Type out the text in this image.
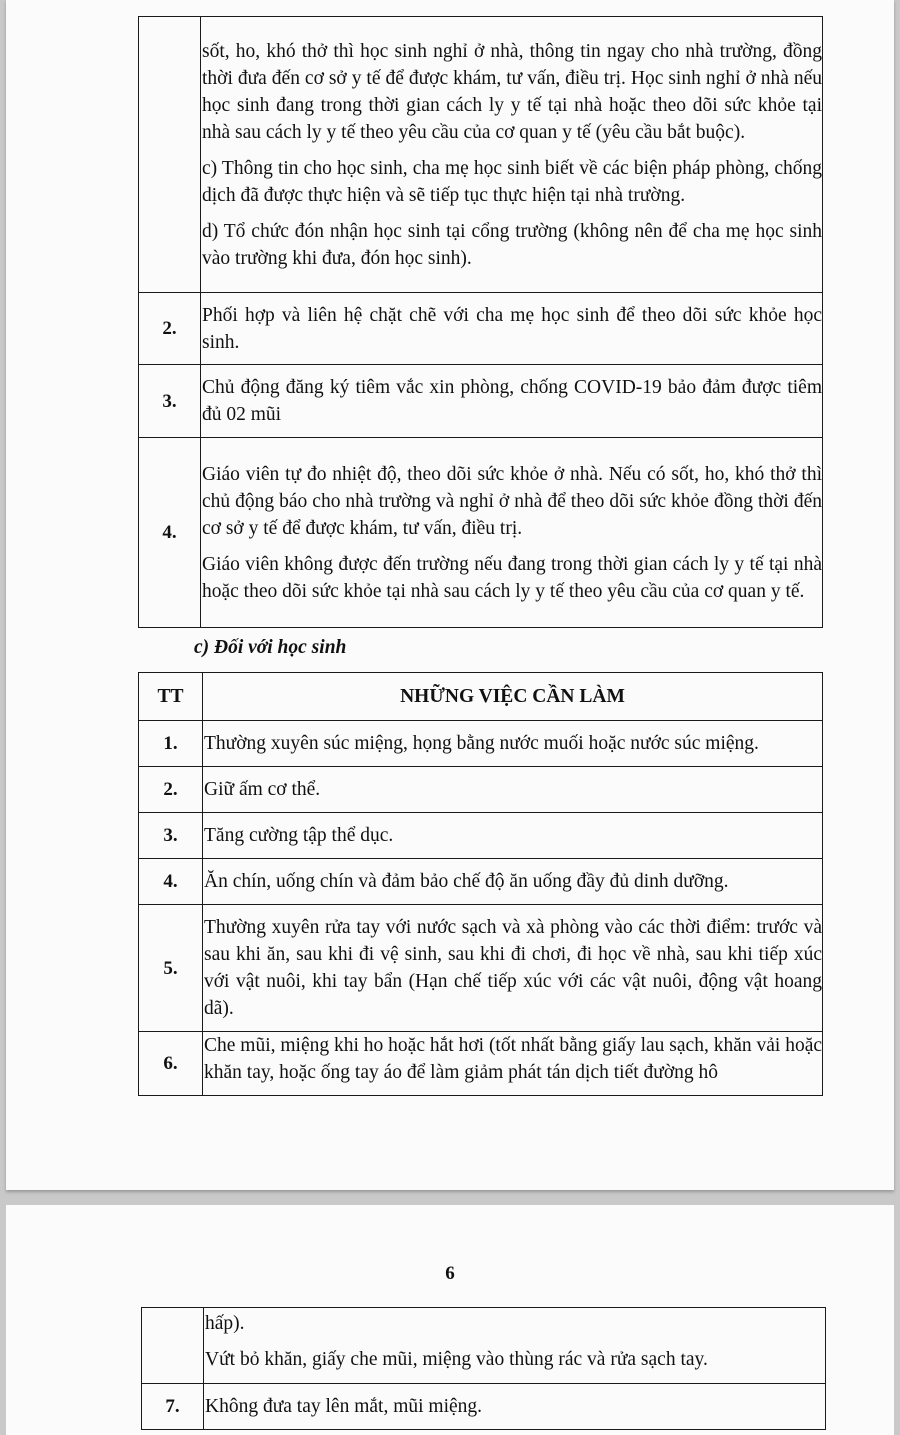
	sốt, ho, khó thở thì học sinh nghỉ ở nhà, thông tin ngay cho nhà trường, đồng thời đưa đến cơ sở y tế để được khám, tư vấn, điều trị. Học sinh nghỉ ở nhà nếu học sinh đang trong thời gian cách ly y tế tại nhà hoặc theo dõi sức khỏe tại nhà sau cách ly y tế theo yêu cầu của cơ quan y tế (yêu cầu bắt buộc).

c) Thông tin cho học sinh, cha mẹ học sinh biết về các biện pháp phòng, chống dịch đã được thực hiện và sẽ tiếp tục thực hiện tại nhà trường.

d) Tổ chức đón nhận học sinh tại cổng trường (không nên để cha mẹ học sinh vào trường khi đưa, đón học sinh).

2.	Phối hợp và liên hệ chặt chẽ với cha mẹ học sinh để theo dõi sức khỏe học sinh.

3.	Chủ động đăng ký tiêm vắc xin phòng, chống COVID-19 bảo đảm được tiêm đủ 02 mũi

4.	Giáo viên tự đo nhiệt độ, theo dõi sức khỏe ở nhà. Nếu có sốt, ho, khó thở thì chủ động báo cho nhà trường và nghỉ ở nhà để theo dõi sức khỏe đồng thời đến cơ sở y tế để được khám, tư vấn, điều trị.

Giáo viên không được đến trường nếu đang trong thời gian cách ly y tế tại nhà hoặc theo dõi sức khỏe tại nhà sau cách ly y tế theo yêu cầu của cơ quan y tế.

c) Đối với học sinh
TT	NHỮNG VIỆC CẦN LÀM
1.	Thường xuyên súc miệng, họng bằng nước muối hoặc nước súc miệng.
2.	Giữ ấm cơ thể.
3.	Tăng cường tập thể dục.
4.	Ăn chín, uống chín và đảm bảo chế độ ăn uống đầy đủ dinh dưỡng.
5.	Thường xuyên rửa tay với nước sạch và xà phòng vào các thời điểm: trước và sau khi ăn, sau khi đi vệ sinh, sau khi đi chơi, đi học về nhà, sau khi tiếp xúc với vật nuôi, khi tay bẩn (Hạn chế tiếp xúc với các vật nuôi, động vật hoang dã).
6.	Che mũi, miệng khi ho hoặc hắt hơi (tốt nhất bằng giấy lau sạch, khăn vải hoặc khăn tay, hoặc ống tay áo để làm giảm phát tán dịch tiết đường hô
6

	hấp).

Vứt bỏ khăn, giấy che mũi, miệng vào thùng rác và rửa sạch tay.

7.	Không đưa tay lên mắt, mũi miệng.
